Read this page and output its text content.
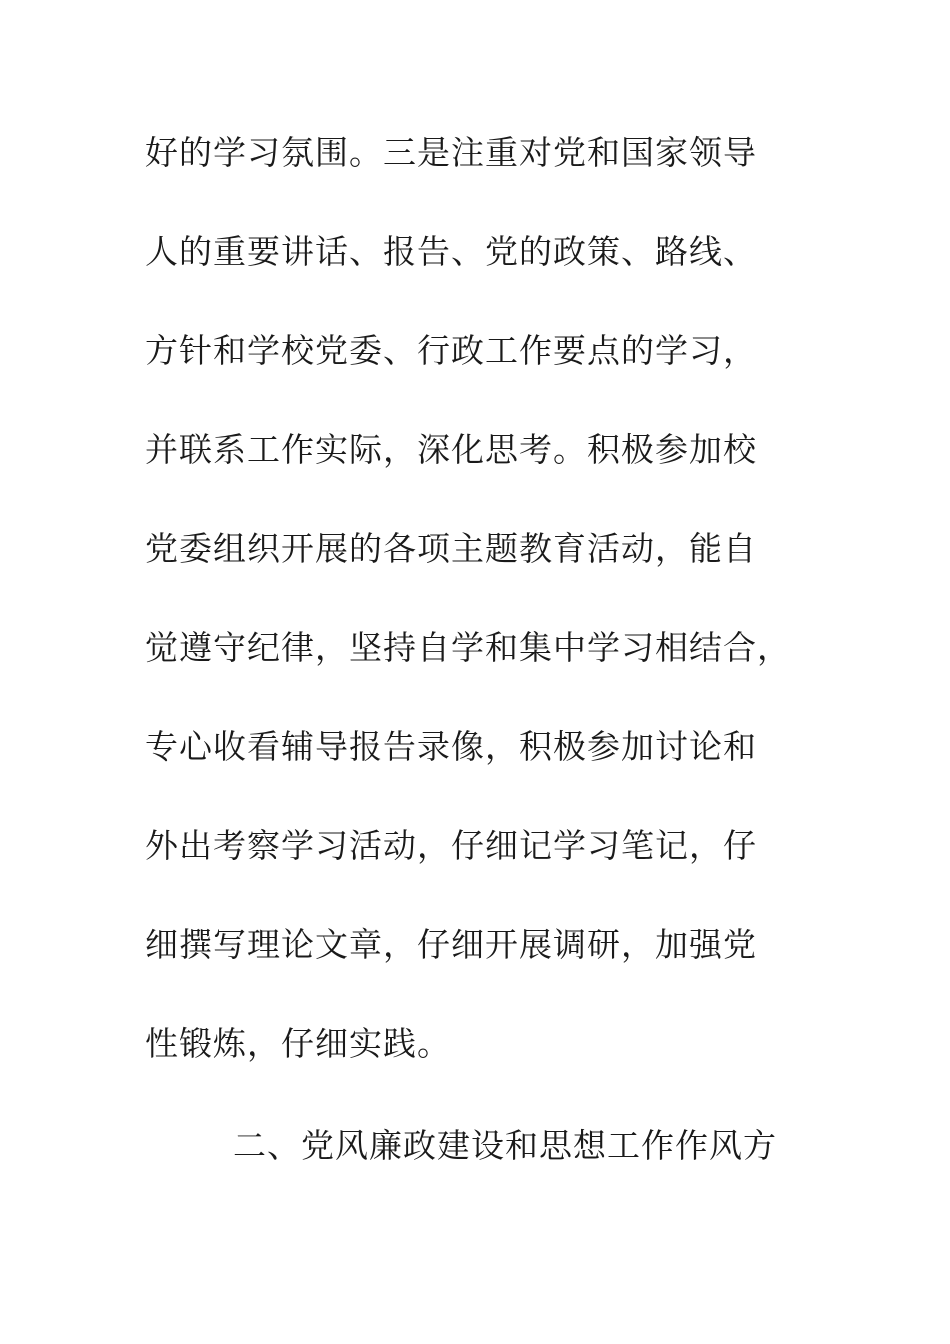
好的学习氛围。三是注重对党和国家领导
人的重要讲话、报告、党的政策、路线、
方针和学校党委、行政工作要点的学习，
并联系工作实际，深化思考。积极参加校
党委组织开展的各项主题教育活动，能自
觉遵守纪律，坚持自学和集中学习相结合，
专心收看辅导报告录像，积极参加讨论和
外出考察学习活动，仔细记学习笔记，仔
细撰写理论文章，仔细开展调研，加强党
性锻炼，仔细实践。
二、党风廉政建设和思想工作作风方
